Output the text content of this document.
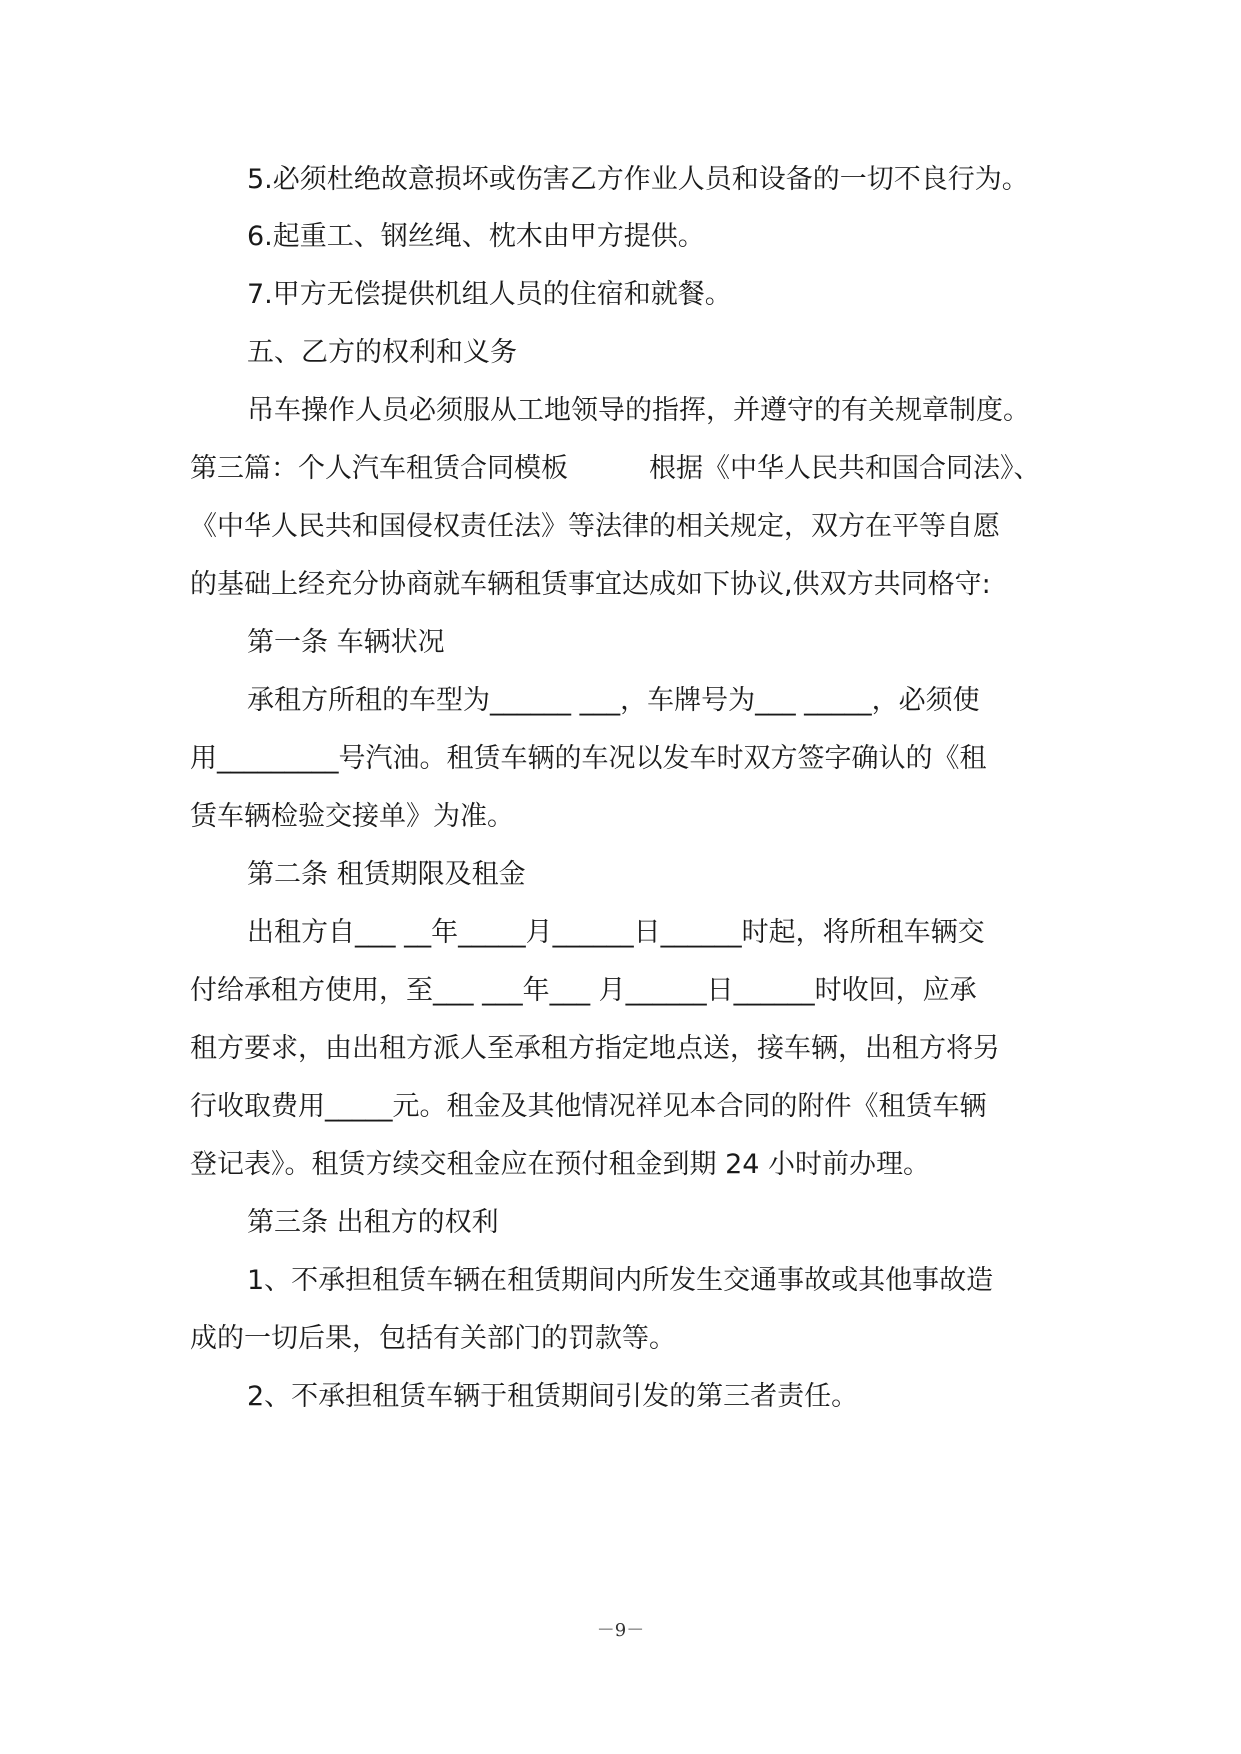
5.必须杜绝故意损坏或伤害乙方作业人员和设备的一切不良行为。
6.起重工、钢丝绳、枕木由甲方提供。
7.甲方无偿提供机组人员的住宿和就餐。
五、乙方的权利和义务
吊车操作人员必须服从工地领导的指挥，并遵守的有关规章制度。
第三篇：个人汽车租赁合同模板　　　根据《中华人民共和国合同法》、
《中华人民共和国侵权责任法》等法律的相关规定，双方在平等自愿
的基础上经充分协商就车辆租赁事宜达成如下协议,供双方共同格守:
第一条 车辆状况
承租方所租的车型为______ ___，车牌号为___ _____，必须使
用_________号汽油。租赁车辆的车况以发车时双方签字确认的《租
赁车辆检验交接单》为准。
第二条 租赁期限及租金
出租方自___ __年_____月______日______时起，将所租车辆交
付给承租方使用，至___ ___年___ 月______日______时收回，应承
租方要求，由出租方派人至承租方指定地点送，接车辆，出租方将另
行收取费用_____元。租金及其他情况祥见本合同的附件《租赁车辆
登记表》。租赁方续交租金应在预付租金到期 24 小时前办理。
第三条 出租方的权利
1、不承担租赁车辆在租赁期间内所发生交通事故或其他事故造
成的一切后果，包括有关部门的罚款等。
2、不承担租赁车辆于租赁期间引发的第三者责任。
－9－
